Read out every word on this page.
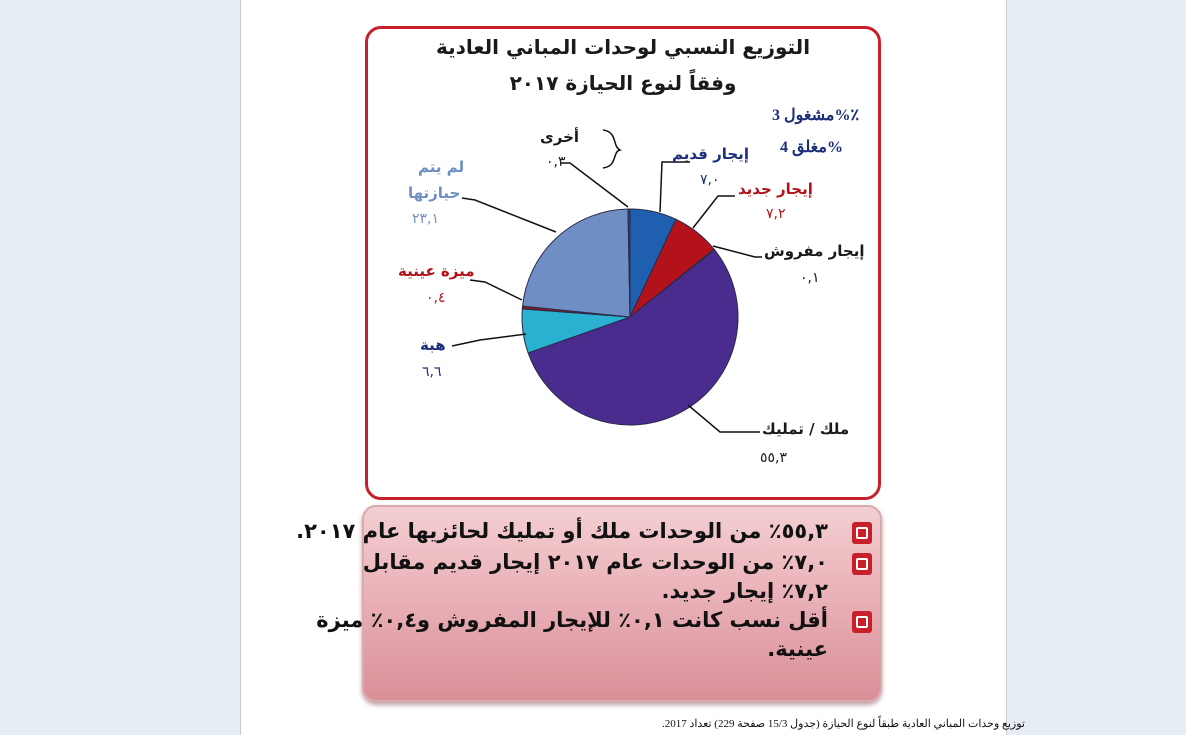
التوزيع النسبي لوحدات المباني العادية
وفقاً لنوع الحيازة ٢٠١٧
مشغول 3%٪
مغلق 4%
إيجار قديم
٧,٠ إيجار جديد
٧,٢
إيجار مفروش
٠,١
ملك / تمليك
٥٥,٣
هبة
٦,٦
ميزة عينية
٠,٤
لم يتم
حيازتها
٢٣,١
أخرى
٠,٣
٥٥,٣٪ من الوحدات ملك أو تمليك لحائزيها عام ٢٠١٧.
٧,٠٪ من الوحدات عام ٢٠١٧ إيجار قديم مقابل
٧,٢٪ إيجار جديد.
أقل نسب كانت ٠,١٪ للإيجار المفروش و٠,٤٪ ميزة
عينية.
توزيع وحدات المباني العادية طبقاً لنوع الحيازة (جدول 15/3 صفحة 229) تعداد 2017.
